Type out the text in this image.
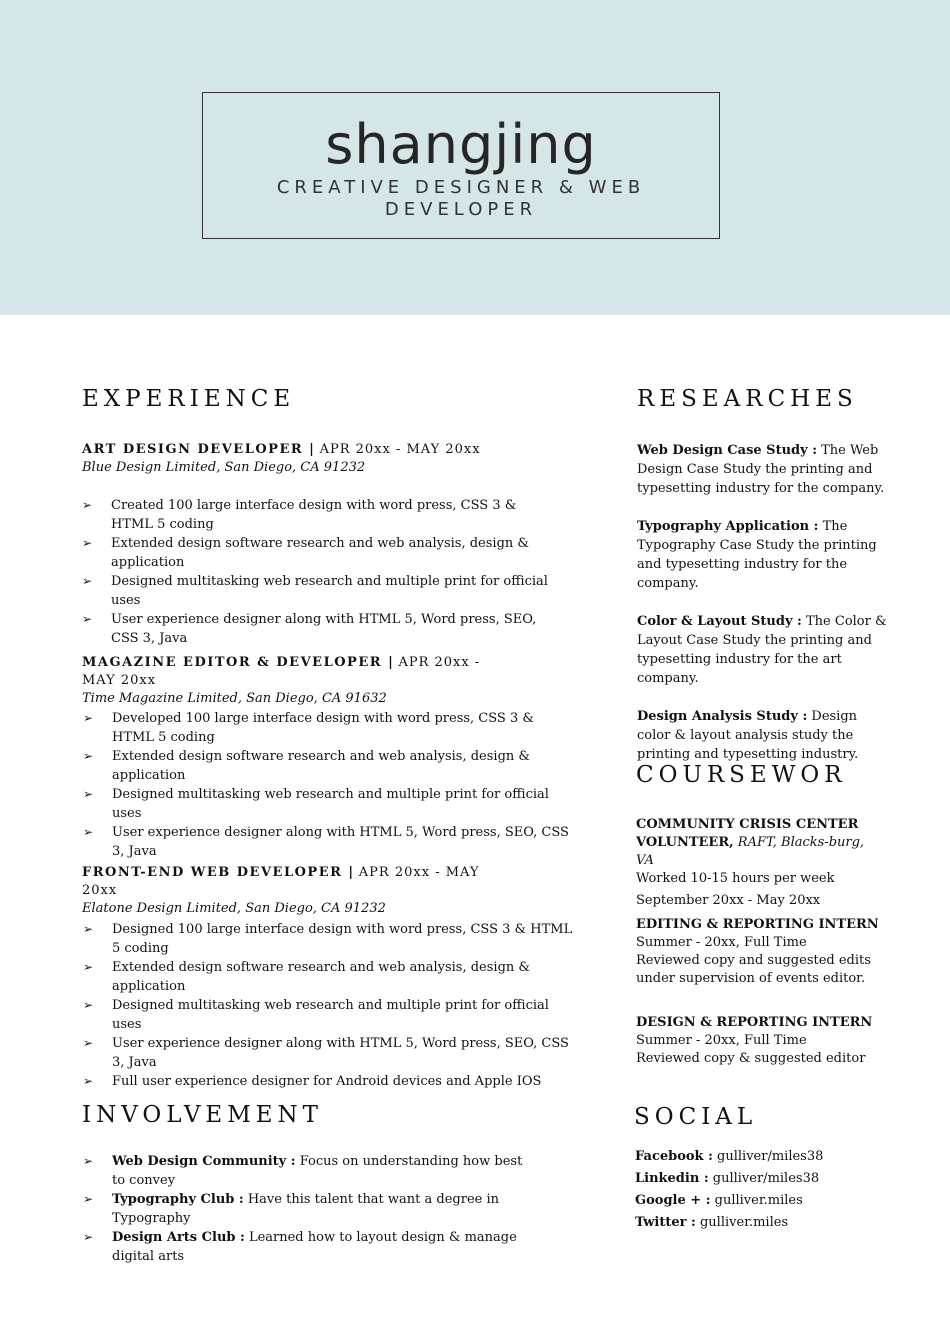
shangjing
CREATIVE DESIGNER & WEB DEVELOPER
EXPERIENCE
ART DESIGN DEVELOPER | APR 20xx - MAY 20xx
Blue Design Limited, San Diego, CA 91232
➢ Created 100 large interface design with word press, CSS 3 & HTML 5 coding
➢ Extended design software research and web analysis, design & application
➢ Designed multitasking web research and multiple print for official uses
➢ User experience designer along with HTML 5, Word press, SEO, CSS 3, Java
MAGAZINE EDITOR & DEVELOPER | APR 20xx - MAY 20xx
Time Magazine Limited, San Diego, CA 91632
➢ Developed 100 large interface design with word press, CSS 3 & HTML 5 coding
➢ Extended design software research and web analysis, design & application
➢ Designed multitasking web research and multiple print for official uses
➢ User experience designer along with HTML 5, Word press, SEO, CSS 3, Java
FRONT-END WEB DEVELOPER | APR 20xx - MAY 20xx
Elatone Design Limited, San Diego, CA 91232
➢ Designed 100 large interface design with word press, CSS 3 & HTML 5 coding
➢ Extended design software research and web analysis, design & application
➢ Designed multitasking web research and multiple print for official uses
➢ User experience designer along with HTML 5, Word press, SEO, CSS 3, Java
➢ Full user experience designer for Android devices and Apple IOS
INVOLVEMENT
➢ Web Design Community : Focus on understanding how best to convey
➢ Typography Club : Have this talent that want a degree in Typography
➢ Design Arts Club : Learned how to layout design & manage digital arts
RESEARCHES

Web Design Case Study : The Web Design Case Study the printing and typesetting industry for the company.

Typography Application : The Typography Case Study the printing and typesetting industry for the company.

Color & Layout Study : The Color & Layout Case Study the printing and typesetting industry for the art company.

Design Analysis Study : Design color & layout analysis study the printing and typesetting industry.

COURSEWOR
COMMUNITY CRISIS CENTER VOLUNTEER, RAFT, Blacks-burg, VA
Worked 10-15 hours per week
September 20xx - May 20xx
EDITING & REPORTING INTERN
Summer - 20xx, Full Time
Reviewed copy and suggested edits under supervision of events editor.
DESIGN & REPORTING INTERN
Summer - 20xx, Full Time
Reviewed copy & suggested editor
SOCIAL
Facebook : gulliver/miles38
Linkedin : gulliver/miles38
Google + : gulliver.miles
Twitter : gulliver.miles
